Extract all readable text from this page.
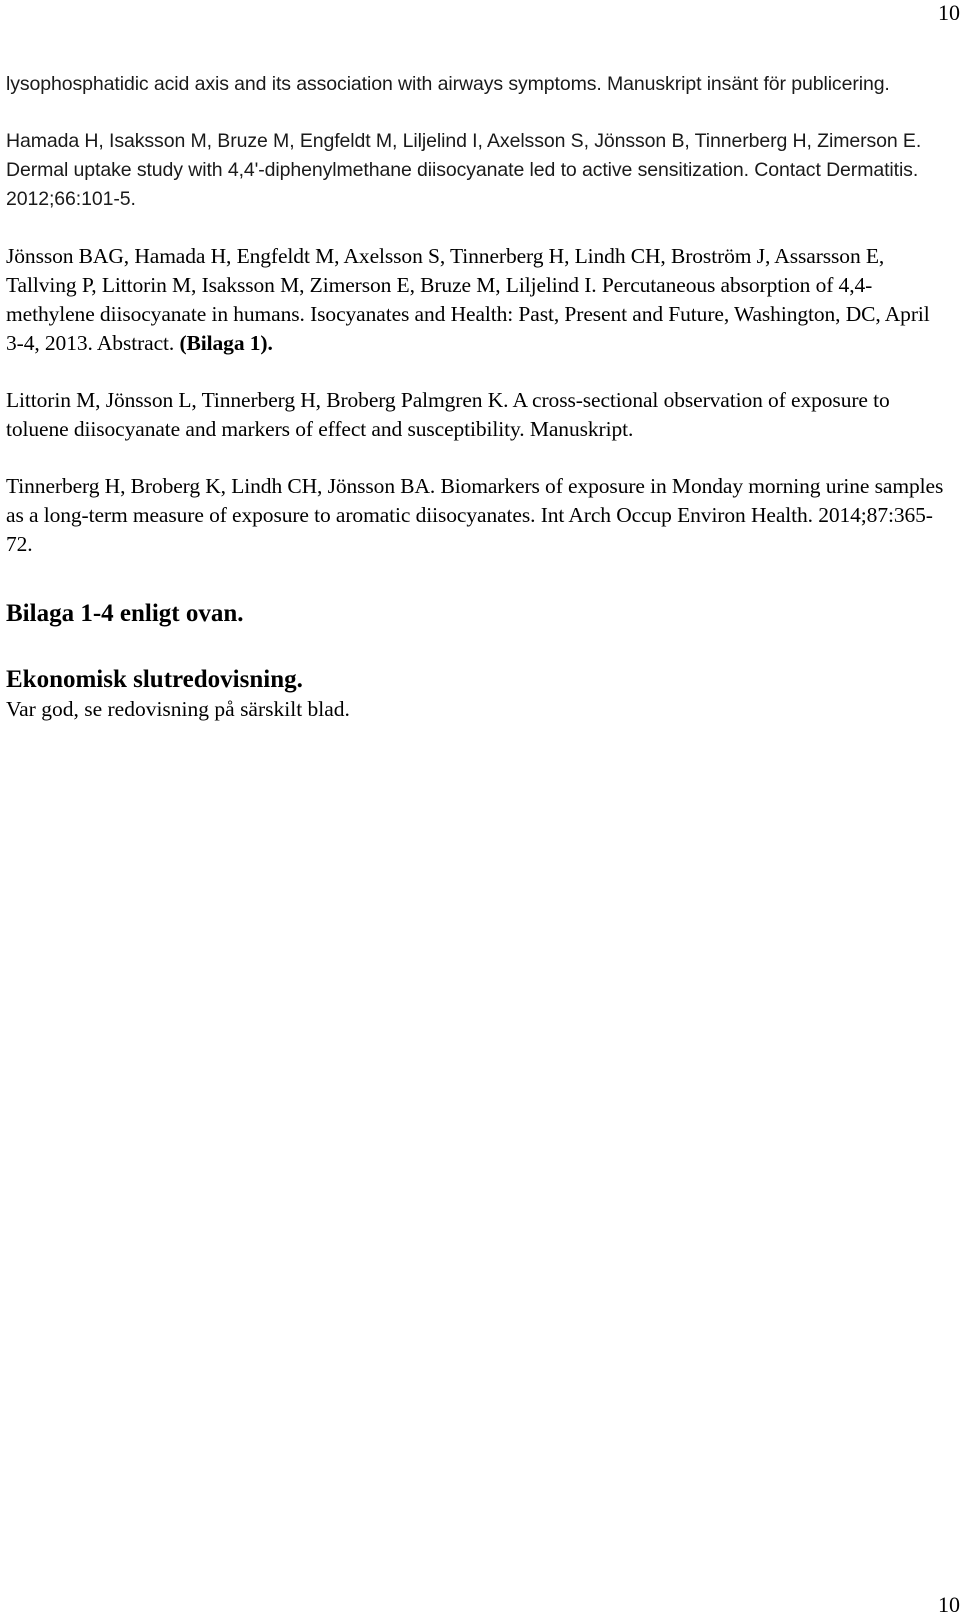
10

lysophosphatidic acid axis and its association with airways symptoms. Manuskript insänt för publicering.

Hamada H, Isaksson M, Bruze M, Engfeldt M, Liljelind I, Axelsson S, Jönsson B, Tinnerberg H, Zimerson E. Dermal uptake study with 4,4'-diphenylmethane diisocyanate led to active sensitization. Contact Dermatitis. 2012;66:101-5.

Jönsson BAG, Hamada H, Engfeldt M, Axelsson S, Tinnerberg H, Lindh CH, Broström J, Assarsson E, Tallving P, Littorin M, Isaksson M, Zimerson E, Bruze M, Liljelind I. Percutaneous absorption of 4,4-methylene diisocyanate in humans. Isocyanates and Health: Past, Present and Future, Washington, DC, April 3-4, 2013. Abstract. (Bilaga 1).

Littorin M, Jönsson L, Tinnerberg H, Broberg Palmgren K. A cross-sectional observation of exposure to toluene diisocyanate and markers of effect and susceptibility. Manuskript.

Tinnerberg H, Broberg K, Lindh CH, Jönsson BA. Biomarkers of exposure in Monday morning urine samples as a long-term measure of exposure to aromatic diisocyanates. Int Arch Occup Environ Health. 2014;87:365-72.

Bilaga 1-4 enligt ovan.
Ekonomisk slutredovisning.

Var god, se redovisning på särskilt blad.

10
